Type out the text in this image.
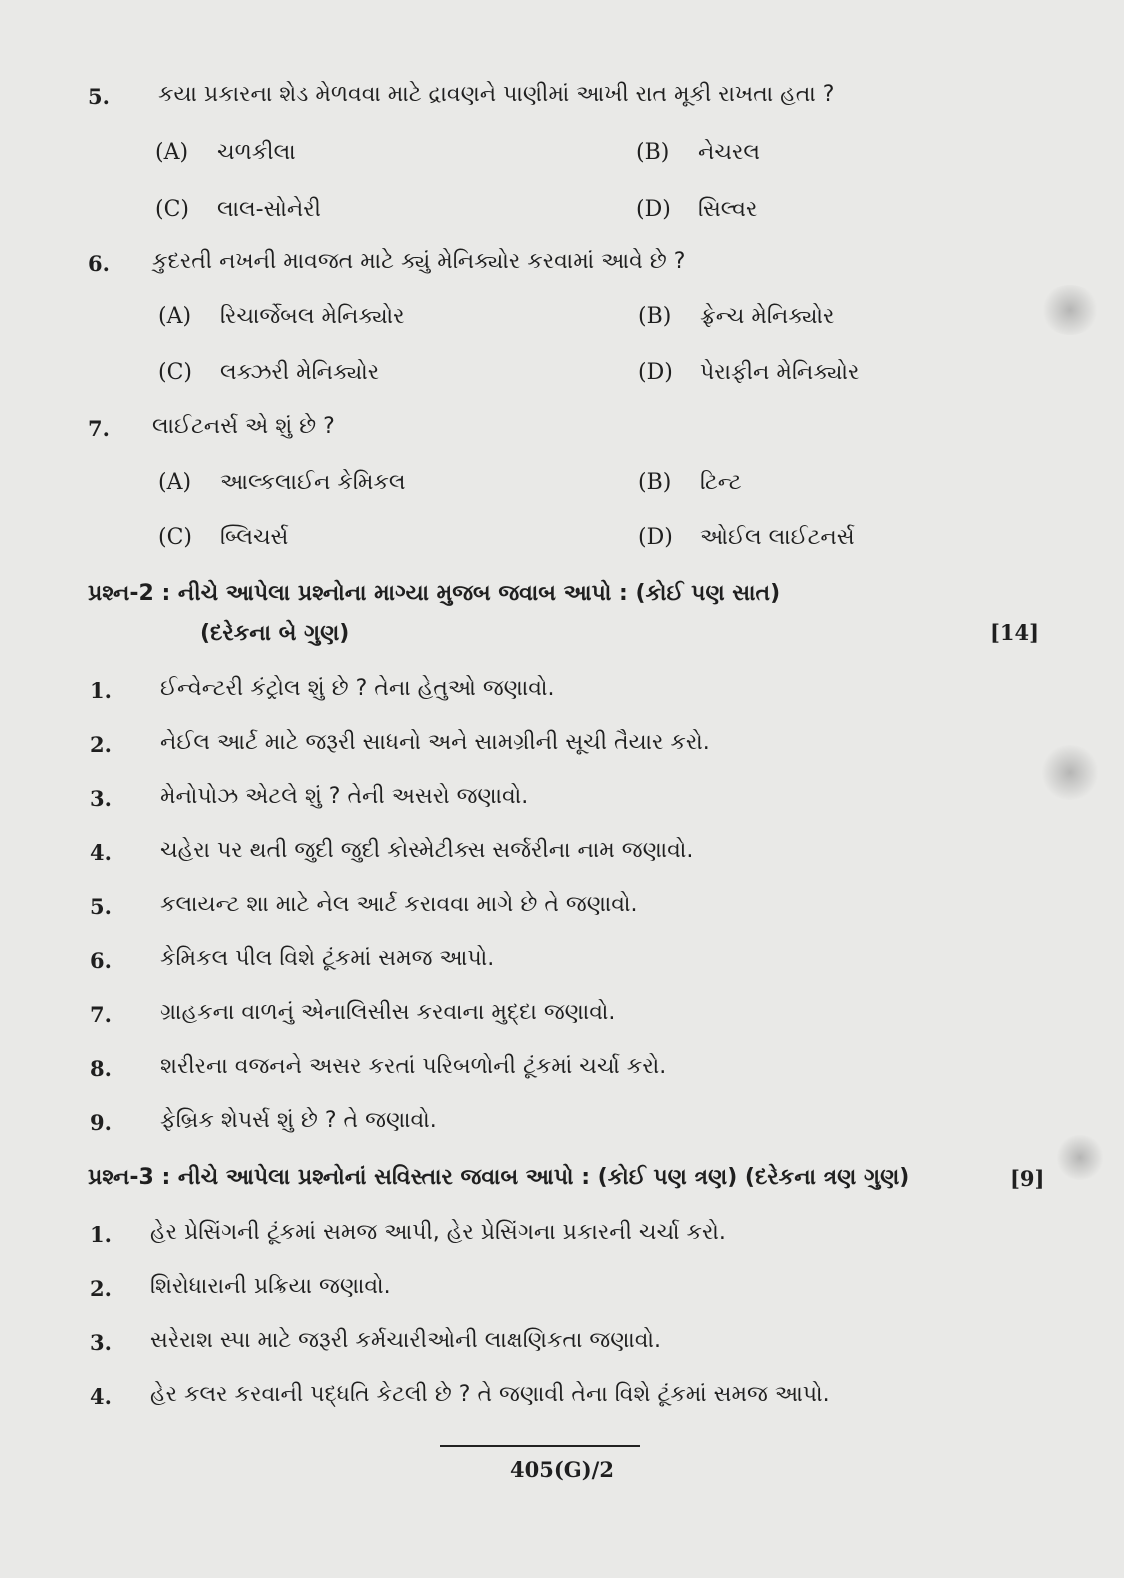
5. કયા પ્રકારના શેડ મેળવવા માટે દ્રાવણને પાણીમાં આખી રાત મૂકી રાખતા હતા ?
(A) ચળકીલા	(B) નેચરલ
(C) લાલ-સોનેરી	(D) સિલ્વર
6. કુદરતી નખની માવજત માટે ક્યું મેનિક્યોર કરવામાં આવે છે ?
(A) રિચાર્જેબલ મેનિક્યોર	(B) ફ્રેન્ચ મેનિક્યોર
(C) લક્ઝરી મેનિક્યોર	(D) પેરાફીન મેનિક્યોર
7. લાઈટનર્સ એ શું છે ?
(A) આલ્કલાઈન કેમિકલ	(B) ટિન્ટ
(C) બ્લિચર્સ	(D) ઓઈલ લાઈટનર્સ
પ્રશ્ન-2 : નીચે આપેલા પ્રશ્નોના માગ્યા મુજબ જવાબ આપો : (કોઈ પણ સાત)
(દરેકના બે ગુણ)	[14]
1. ઈન્વેન્ટરી કંટ્રોલ શું છે ? તેના હેતુઓ જણાવો.
2. નેઈલ આર્ટ માટે જરૂરી સાધનો અને સામગ્રીની સૂચી તૈયાર કરો.
3. મેનોપોઝ એટલે શું ? તેની અસરો જણાવો.
4. ચહેરા પર થતી જુદી જુદી કોસ્મેટીક્સ સર્જરીના નામ જણાવો.
5. કલાયન્ટ શા માટે નેલ આર્ટ કરાવવા માગે છે તે જણાવો.
6. કેમિકલ પીલ વિશે ટૂંકમાં સમજ આપો.
7. ગ્રાહકના વાળનું એનાલિસીસ કરવાના મુદ્દા જણાવો.
8. શરીરના વજનને અસર કરતાં પરિબળોની ટૂંકમાં ચર્ચા કરો.
9. ફેબ્રિક શેપર્સ શું છે ? તે જણાવો.
પ્રશ્ન-3 : નીચે આપેલા પ્રશ્નોનાં સવિસ્તાર જવાબ આપો : (કોઈ પણ ત્રણ) (દરેકના ત્રણ ગુણ)	[9]
1. હેર પ્રેસિંગની ટૂંકમાં સમજ આપી, હેર પ્રેસિંગના પ્રકારની ચર્ચા કરો.
2. શિરોધારાની પ્રક્રિયા જણાવો.
3. સરેરાશ સ્પા માટે જરૂરી કર્મચારીઓની લાક્ષણિકતા જણાવો.
4. હેર કલર કરવાની પદ્ધતિ કેટલી છે ? તે જણાવી તેના વિશે ટૂંકમાં સમજ આપો.
405(G)/2
